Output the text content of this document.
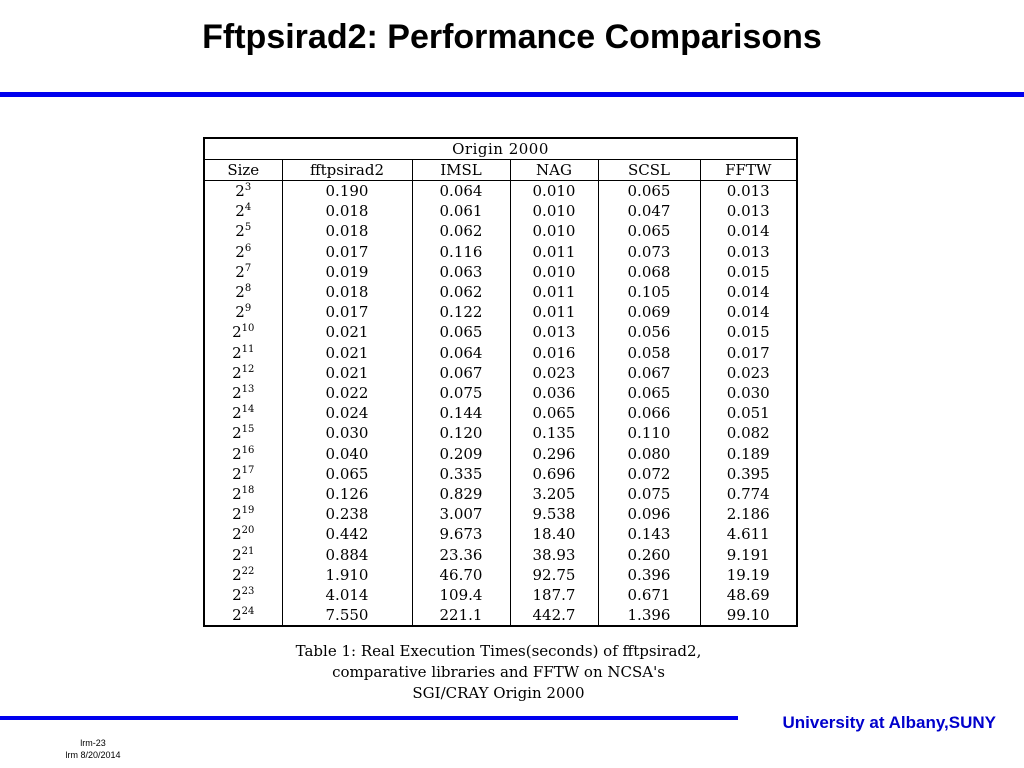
Fftpsirad2: Performance Comparisons
Origin 2000
Size	fftpsirad2	IMSL	NAG	SCSL	FFTW
$2^3$	0.190	0.064	0.010	0.065	0.013
$2^4$	0.018	0.061	0.010	0.047	0.013
$2^5$	0.018	0.062	0.010	0.065	0.014
$2^6$	0.017	0.116	0.011	0.073	0.013
$2^7$	0.019	0.063	0.010	0.068	0.015
$2^8$	0.018	0.062	0.011	0.105	0.014
$2^9$	0.017	0.122	0.011	0.069	0.014
$2^{10}$	0.021	0.065	0.013	0.056	0.015
$2^{11}$	0.021	0.064	0.016	0.058	0.017
$2^{12}$	0.021	0.067	0.023	0.067	0.023
$2^{13}$	0.022	0.075	0.036	0.065	0.030
$2^{14}$	0.024	0.144	0.065	0.066	0.051
$2^{15}$	0.030	0.120	0.135	0.110	0.082
$2^{16}$	0.040	0.209	0.296	0.080	0.189
$2^{17}$	0.065	0.335	0.696	0.072	0.395
$2^{18}$	0.126	0.829	3.205	0.075	0.774
$2^{19}$	0.238	3.007	9.538	0.096	2.186
$2^{20}$	0.442	9.673	18.40	0.143	4.611
$2^{21}$	0.884	23.36	38.93	0.260	9.191
$2^{22}$	1.910	46.70	92.75	0.396	19.19
$2^{23}$	4.014	109.4	187.7	0.671	48.69
$2^{24}$	7.550	221.1	442.7	1.396	99.10
Table 1: Real Execution Times(seconds) of fftpsirad2,
comparative libraries and FFTW on NCSA's
SGI/CRAY Origin 2000
University at Albany,SUNY
lrm-23
lrm 8/20/2014
